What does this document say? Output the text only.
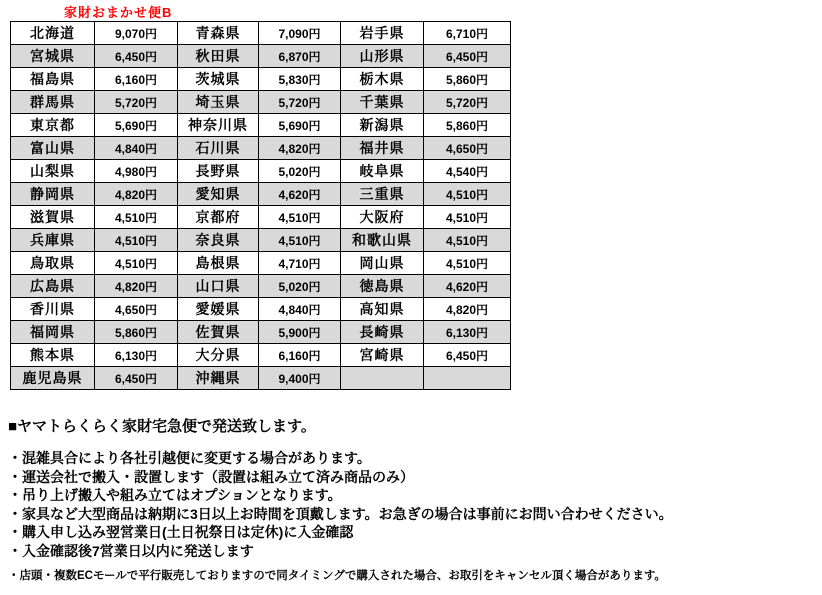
家財おまかせ便B
北海道	9,070円	青森県	7,090円	岩手県	6,710円
宮城県	6,450円	秋田県	6,870円	山形県	6,450円
福島県	6,160円	茨城県	5,830円	栃木県	5,860円
群馬県	5,720円	埼玉県	5,720円	千葉県	5,720円
東京都	5,690円	神奈川県	5,690円	新潟県	5,860円
富山県	4,840円	石川県	4,820円	福井県	4,650円
山梨県	4,980円	長野県	5,020円	岐阜県	4,540円
静岡県	4,820円	愛知県	4,620円	三重県	4,510円
滋賀県	4,510円	京都府	4,510円	大阪府	4,510円
兵庫県	4,510円	奈良県	4,510円	和歌山県	4,510円
鳥取県	4,510円	島根県	4,710円	岡山県	4,510円
広島県	4,820円	山口県	5,020円	徳島県	4,620円
香川県	4,650円	愛媛県	4,840円	高知県	4,820円
福岡県	5,860円	佐賀県	5,900円	長崎県	6,130円
熊本県	6,130円	大分県	6,160円	宮崎県	6,450円
鹿児島県	6,450円	沖縄県	9,400円		
■ヤマトらくらく家財宅急便で発送致します。
・混雑具合により各社引越便に変更する場合があります。
・運送会社で搬入・設置します（設置は組み立て済み商品のみ）
・吊り上げ搬入や組み立てはオプションとなります。
・家具など大型商品は納期に3日以上お時間を頂戴します。お急ぎの場合は事前にお問い合わせください。
・購入申し込み翌営業日(土日祝祭日は定休)に入金確認
・入金確認後7営業日以内に発送します
・店頭・複数ECモールで平行販売しておりますので同タイミングで購入された場合、お取引をキャンセル頂く場合があります。
